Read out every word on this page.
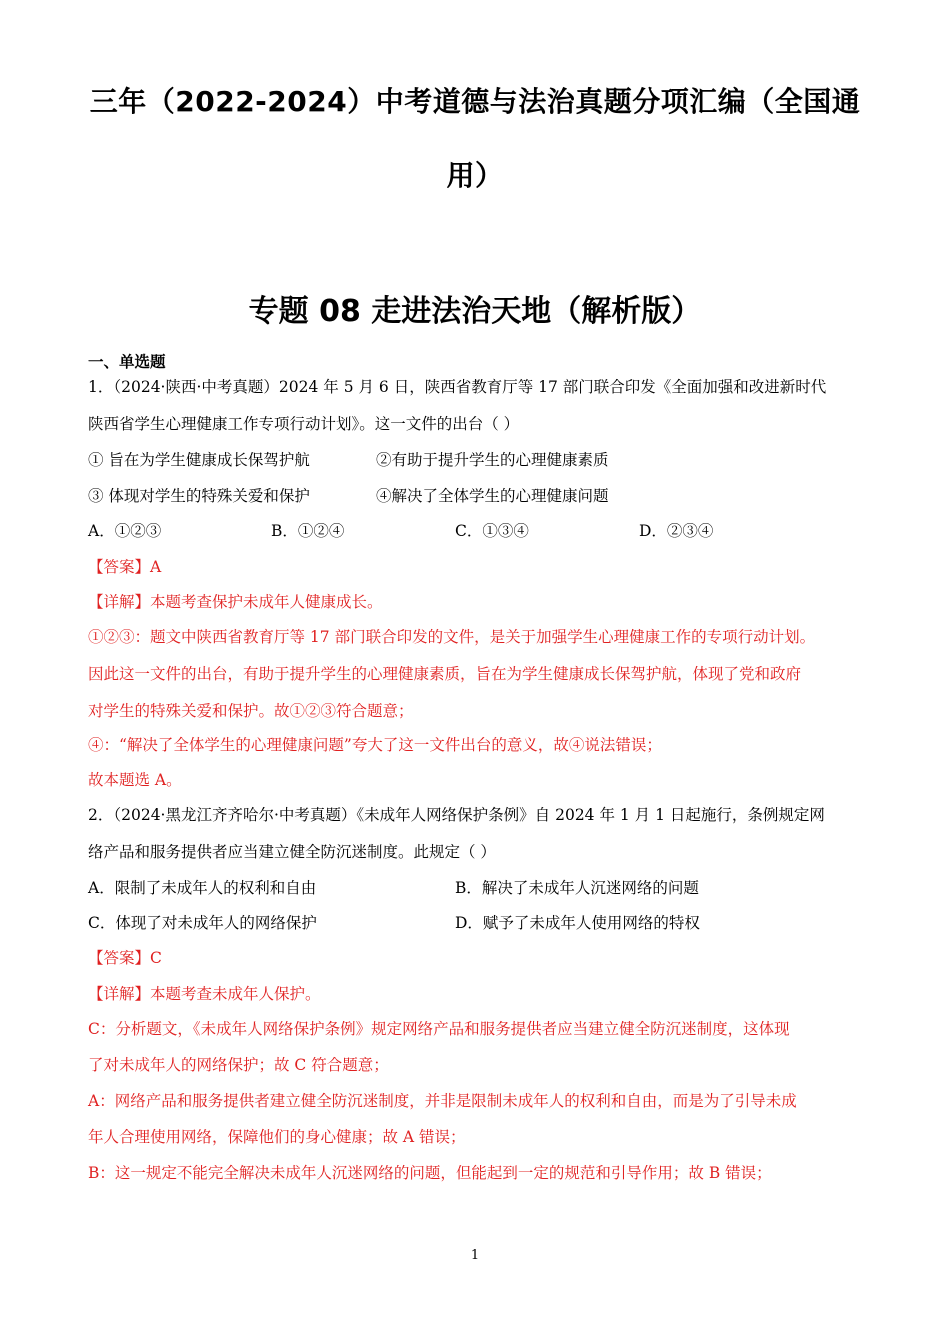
三年（2022-2024）中考道德与法治真题分项汇编（全国通
用）
专题 08 走进法治天地（解析版）
一、单选题
1．（2024·陕西·中考真题）2024 年 5 月 6 日，陕西省教育厅等 17 部门联合印发《全面加强和改进新时代
陕西省学生心理健康工作专项行动计划》。这一文件的出台（ ）
① 旨在为学生健康成长保驾护航	②有助于提升学生的心理健康素质
③ 体现对学生的特殊关爱和保护	④解决了全体学生的心理健康问题
A．①②③	B．①②④	C．①③④	D．②③④
【答案】A
【详解】本题考查保护未成年人健康成长。
①②③：题文中陕西省教育厅等 17 部门联合印发的文件，是关于加强学生心理健康工作的专项行动计划。
因此这一文件的出台，有助于提升学生的心理健康素质，旨在为学生健康成长保驾护航，体现了党和政府
对学生的特殊关爱和保护。故①②③符合题意；
④：“解决了全体学生的心理健康问题”夸大了这一文件出台的意义，故④说法错误；
故本题选 A。
2．（2024·黑龙江齐齐哈尔·中考真题）《未成年人网络保护条例》自 2024 年 1 月 1 日起施行，条例规定网
络产品和服务提供者应当建立健全防沉迷制度。此规定（ ）
A．限制了未成年人的权利和自由	B．解决了未成年人沉迷网络的问题
C．体现了对未成年人的网络保护	D．赋予了未成年人使用网络的特权
【答案】C
【详解】本题考查未成年人保护。
C：分析题文，《未成年人网络保护条例》规定网络产品和服务提供者应当建立健全防沉迷制度，这体现
了对未成年人的网络保护；故 C 符合题意；
A：网络产品和服务提供者建立健全防沉迷制度，并非是限制未成年人的权利和自由，而是为了引导未成
年人合理使用网络，保障他们的身心健康；故 A 错误；
B：这一规定不能完全解决未成年人沉迷网络的问题，但能起到一定的规范和引导作用；故 B 错误；
1
